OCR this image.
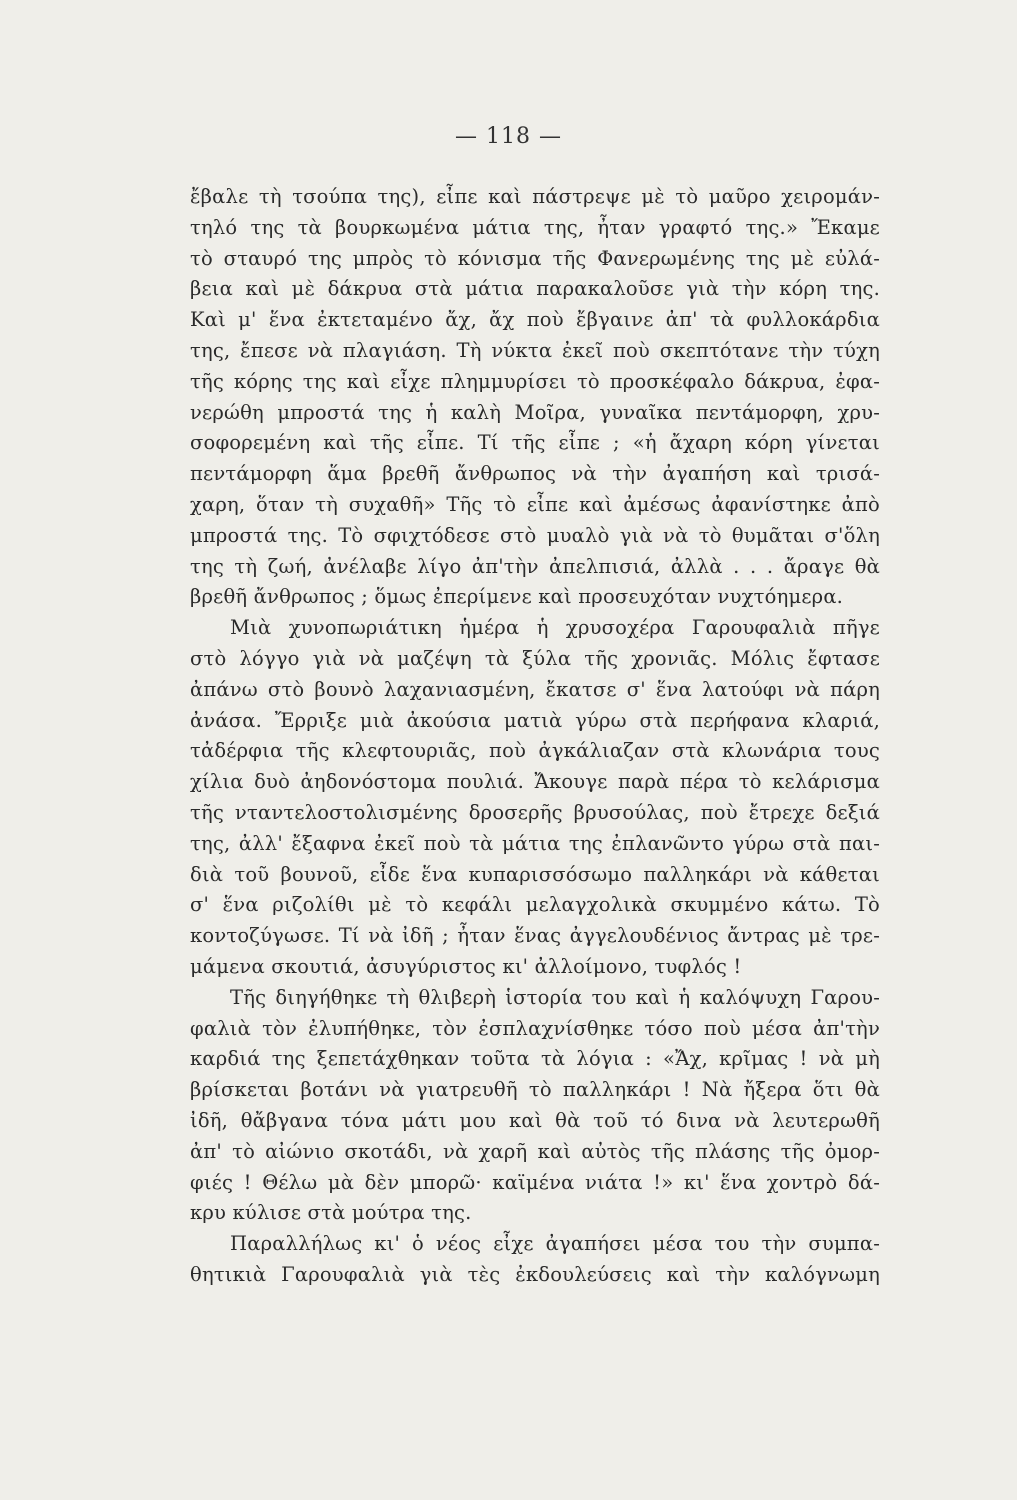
— 118 —
ἔβαλε τὴ τσούπα της), εἶπε καὶ πάστρεψε μὲ τὸ μαῦρο χειρομάν-
τηλό της τὰ βουρκωμένα μάτια της, ἦταν γραφτό της.» Ἔκαμε
τὸ σταυρό της μπρὸς τὸ κόνισμα τῆς Φανερωμένης της μὲ εὐλά-
βεια καὶ μὲ δάκρυα στὰ μάτια παρακαλοῦσε γιὰ τὴν κόρη της.
Καὶ μ' ἕνα ἐκτεταμένο ἄχ, ἄχ ποὺ ἔβγαινε ἀπ' τὰ φυλλοκάρδια
της, ἔπεσε νὰ πλαγιάση. Τὴ νύκτα ἐκεῖ ποὺ σκεπτότανε τὴν τύχη
τῆς κόρης της καὶ εἶχε πλημμυρίσει τὸ προσκέφαλο δάκρυα, ἐφα-
νερώθη μπροστά της ἡ καλὴ Μοῖρα, γυναῖκα πεντάμορφη, χρυ-
σοφορεμένη καὶ τῆς εἶπε. Τί τῆς εἶπε ; «ἡ ἄχαρη κόρη γίνεται
πεντάμορφη ἅμα βρεθῆ ἄνθρωπος νὰ τὴν ἀγαπήση καὶ τρισά-
χαρη, ὅταν τὴ συχαθῆ» Τῆς τὸ εἶπε καὶ ἀμέσως ἀφανίστηκε ἀπὸ
μπροστά της. Τὸ σφιχτόδεσε στὸ μυαλὸ γιὰ νὰ τὸ θυμᾶται σ'ὅλη
της τὴ ζωή, ἀνέλαβε λίγο ἀπ'τὴν ἀπελπισιά, ἀλλὰ . . . ἄραγε θὰ
βρεθῆ ἄνθρωπος ; ὅμως ἐπερίμενε καὶ προσευχόταν νυχτόημερα.
Μιὰ χυνοπωριάτικη ἡμέρα ἡ χρυσοχέρα Γαρουφαλιὰ πῆγε
στὸ λόγγο γιὰ νὰ μαζέψη τὰ ξύλα τῆς χρονιᾶς. Μόλις ἔφτασε
ἀπάνω στὸ βουνὸ λαχανιασμένη, ἔκατσε σ' ἕνα λατούφι νὰ πάρη
ἀνάσα. Ἔρριξε μιὰ ἀκούσια ματιὰ γύρω στὰ περήφανα κλαριά,
τἀδέρφια τῆς κλεφτουριᾶς, ποὺ ἀγκάλιαζαν στὰ κλωνάρια τους
χίλια δυὸ ἀηδονόστομα πουλιά. Ἄκουγε παρὰ πέρα τὸ κελάρισμα
τῆς νταντελοστολισμένης δροσερῆς βρυσούλας, ποὺ ἔτρεχε δεξιά
της, ἀλλ' ἔξαφνα ἐκεῖ ποὺ τὰ μάτια της ἐπλανῶντο γύρω στὰ παι-
διὰ τοῦ βουνοῦ, εἶδε ἕνα κυπαρισσόσωμο παλληκάρι νὰ κάθεται
σ' ἕνα ριζολίθι μὲ τὸ κεφάλι μελαγχολικὰ σκυμμένο κάτω. Τὸ
κοντοζύγωσε. Τί νὰ ἰδῆ ; ἦταν ἕνας ἀγγελουδένιος ἄντρας μὲ τρε-
μάμενα σκουτιά, ἀσυγύριστος κι' ἀλλοίμονο, τυφλός !
Τῆς διηγήθηκε τὴ θλιβερὴ ἱστορία του καὶ ἡ καλόψυχη Γαρου-
φαλιὰ τὸν ἐλυπήθηκε, τὸν ἐσπλαχνίσθηκε τόσο ποὺ μέσα ἀπ'τὴν
καρδιά της ξεπετάχθηκαν τοῦτα τὰ λόγια : «Ἄχ, κρῖμας ! νὰ μὴ
βρίσκεται βοτάνι νὰ γιατρευθῆ τὸ παλληκάρι ! Νὰ ἤξερα ὅτι θὰ
ἰδῆ, θἄβγανα τόνα μάτι μου καὶ θὰ τοῦ τό δινα νὰ λευτερωθῆ
ἀπ' τὸ αἰώνιο σκοτάδι, νὰ χαρῆ καὶ αὐτὸς τῆς πλάσης τῆς ὀμορ-
φιές ! Θέλω μὰ δὲν μπορῶ· καϊμένα νιάτα !» κι' ἕνα χοντρὸ δά-
κρυ κύλισε στὰ μούτρα της.
Παραλλήλως κι' ὁ νέος εἶχε ἀγαπήσει μέσα του τὴν συμπα-
θητικιὰ Γαρουφαλιὰ γιὰ τὲς ἐκδουλεύσεις καὶ τὴν καλόγνωμη
